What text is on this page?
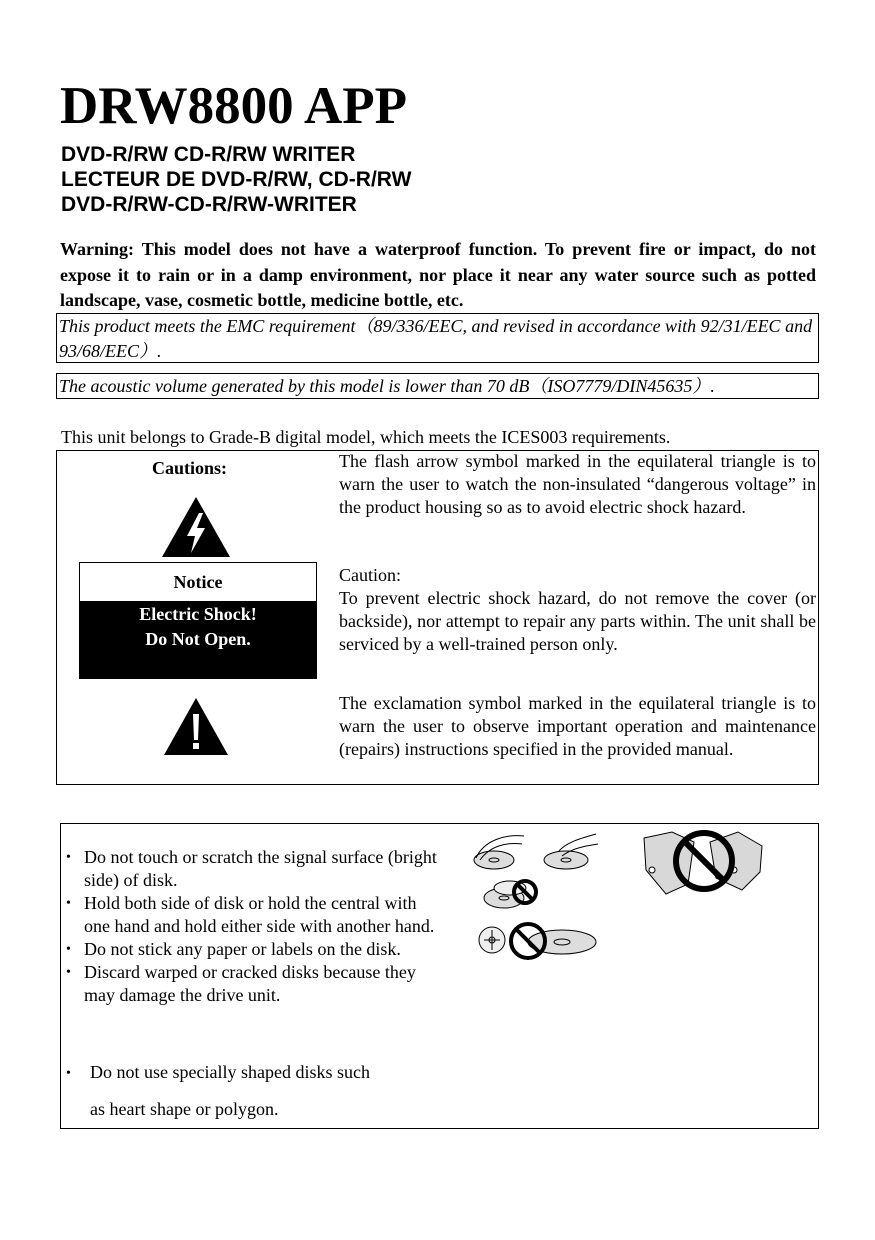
DRW8800 APP
DVD-R/RW CD-R/RW WRITER
LECTEUR DE DVD-R/RW, CD-R/RW
DVD-R/RW-CD-R/RW-WRITER
Warning: This model does not have a waterproof function. To prevent fire or impact, do not expose it to rain or in a damp environment, nor place it near any water source such as potted landscape, vase, cosmetic bottle, medicine bottle, etc.
This product meets the EMC requirement（89/336/EEC, and revised in accordance with 92/31/EEC and 93/68/EEC）.
The acoustic volume generated by this model is lower than 70 dB（ISO7779/DIN45635）.
This unit belongs to Grade-B digital model, which meets the ICES003 requirements.
Cautions:
Notice
Electric Shock!
Do Not Open.
The flash arrow symbol marked in the equilateral triangle is to warn the user to watch the non-insulated “dangerous voltage” in the product housing so as to avoid electric shock hazard.
Caution:
To prevent electric shock hazard, do not remove the cover (or backside), nor attempt to repair any parts within. The unit shall be serviced by a well-trained person only.
The exclamation symbol marked in the equilateral triangle is to warn the user to observe important operation and maintenance (repairs) instructions specified in the provided manual.
• Do not touch or scratch the signal surface (bright side) of disk.
• Hold both side of disk or hold the central with one hand and hold either side with another hand.
• Do not stick any paper or labels on the disk.
• Discard warped or cracked disks because they may damage the drive unit.
• Do not use specially shaped disks such
as heart shape or polygon.
